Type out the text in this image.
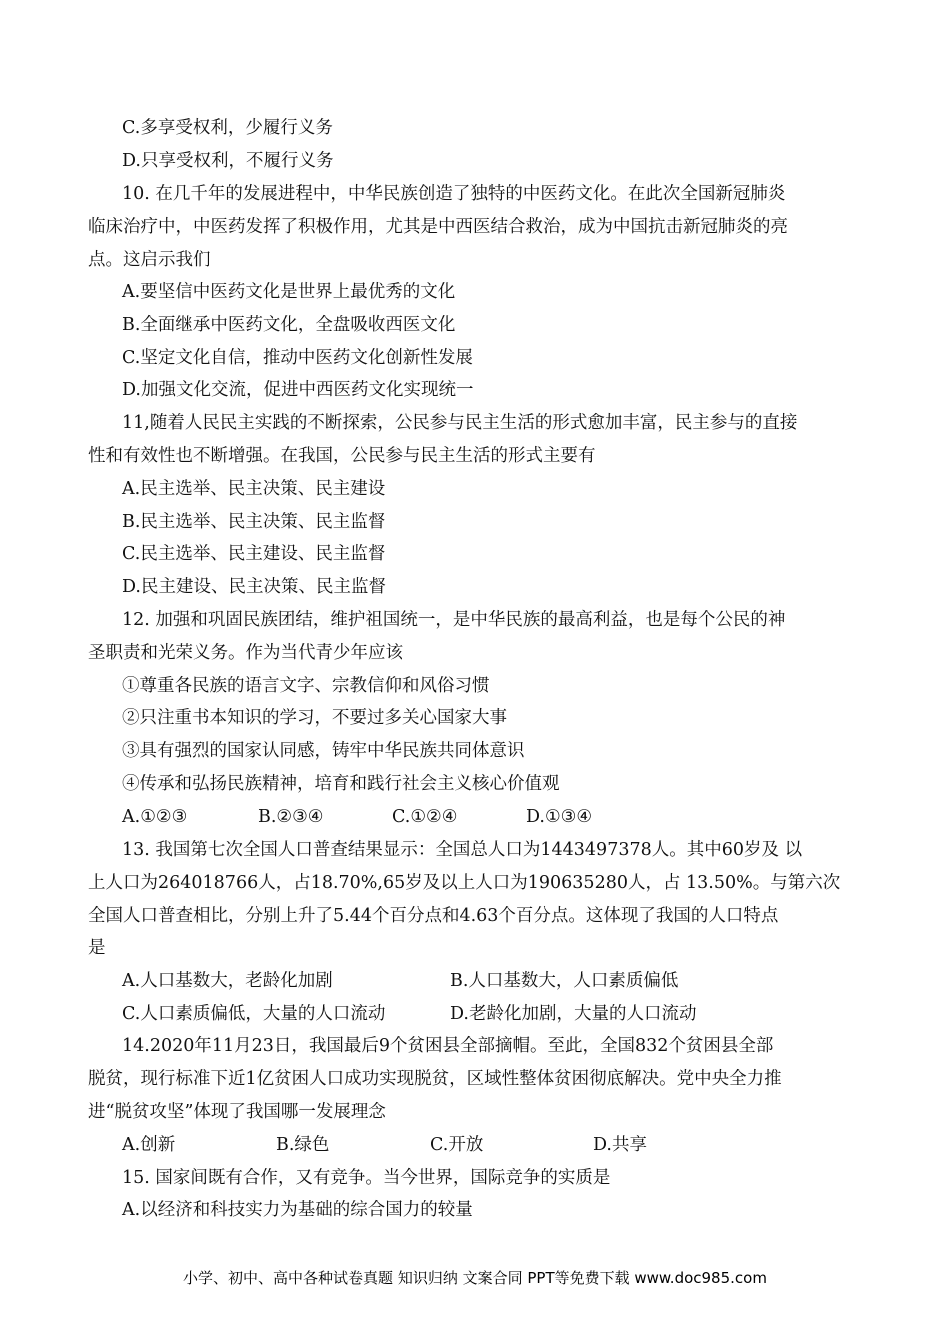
C.多享受权利，少履行义务
D.只享受权利，不履行义务
10. 在几千年的发展进程中，中华民族创造了独特的中医药文化。在此次全国新冠肺炎
临床治疗中，中医药发挥了积极作用，尤其是中西医结合救治，成为中国抗击新冠肺炎的亮
点。这启示我们
A.要坚信中医药文化是世界上最优秀的文化
B.全面继承中医药文化，全盘吸收西医文化
C.坚定文化自信，推动中医药文化创新性发展
D.加强文化交流，促进中西医药文化实现统一
11,随着人民民主实践的不断探索，公民参与民主生活的形式愈加丰富，民主参与的直接
性和有效性也不断增强。在我国，公民参与民主生活的形式主要有
A.民主选举、民主决策、民主建设
B.民主选举、民主决策、民主监督
C.民主选举、民主建设、民主监督
D.民主建设、民主决策、民主监督
12. 加强和巩固民族团结，维护祖国统一，是中华民族的最高利益，也是每个公民的神
圣职责和光荣义务。作为当代青少年应该
①尊重各民族的语言文字、宗教信仰和风俗习惯
②只注重书本知识的学习，不要过多关心国家大事
③具有强烈的国家认同感，铸牢中华民族共同体意识
④传承和弘扬民族精神，培育和践行社会主义核心价值观
A.①②③	B.②③④	C.①②④	D.①③④
13. 我国第七次全国人口普查结果显示：全国总人口为1443497378人。其中60岁及 以
上人口为264018766人，占18.70%,65岁及以上人口为190635280人，占 13.50%。与第六次
全国人口普查相比，分别上升了5.44个百分点和4.63个百分点。这体现了我国的人口特点
是
A.人口基数大，老龄化加剧	B.人口基数大，人口素质偏低
C.人口素质偏低，大量的人口流动	D.老龄化加剧，大量的人口流动
14.2020年11月23日，我国最后9个贫困县全部摘帽。至此，全国832个贫困县全部
脱贫，现行标准下近1亿贫困人口成功实现脱贫，区域性整体贫困彻底解决。党中央全力推
进“脱贫攻坚”体现了我国哪一发展理念
A.创新	B.绿色	C.开放	D.共享
15. 国家间既有合作，又有竞争。当今世界，国际竞争的实质是
A.以经济和科技实力为基础的综合国力的较量
小学、初中、高中各种试卷真题 知识归纳 文案合同 PPT等免费下载 www.doc985.com
